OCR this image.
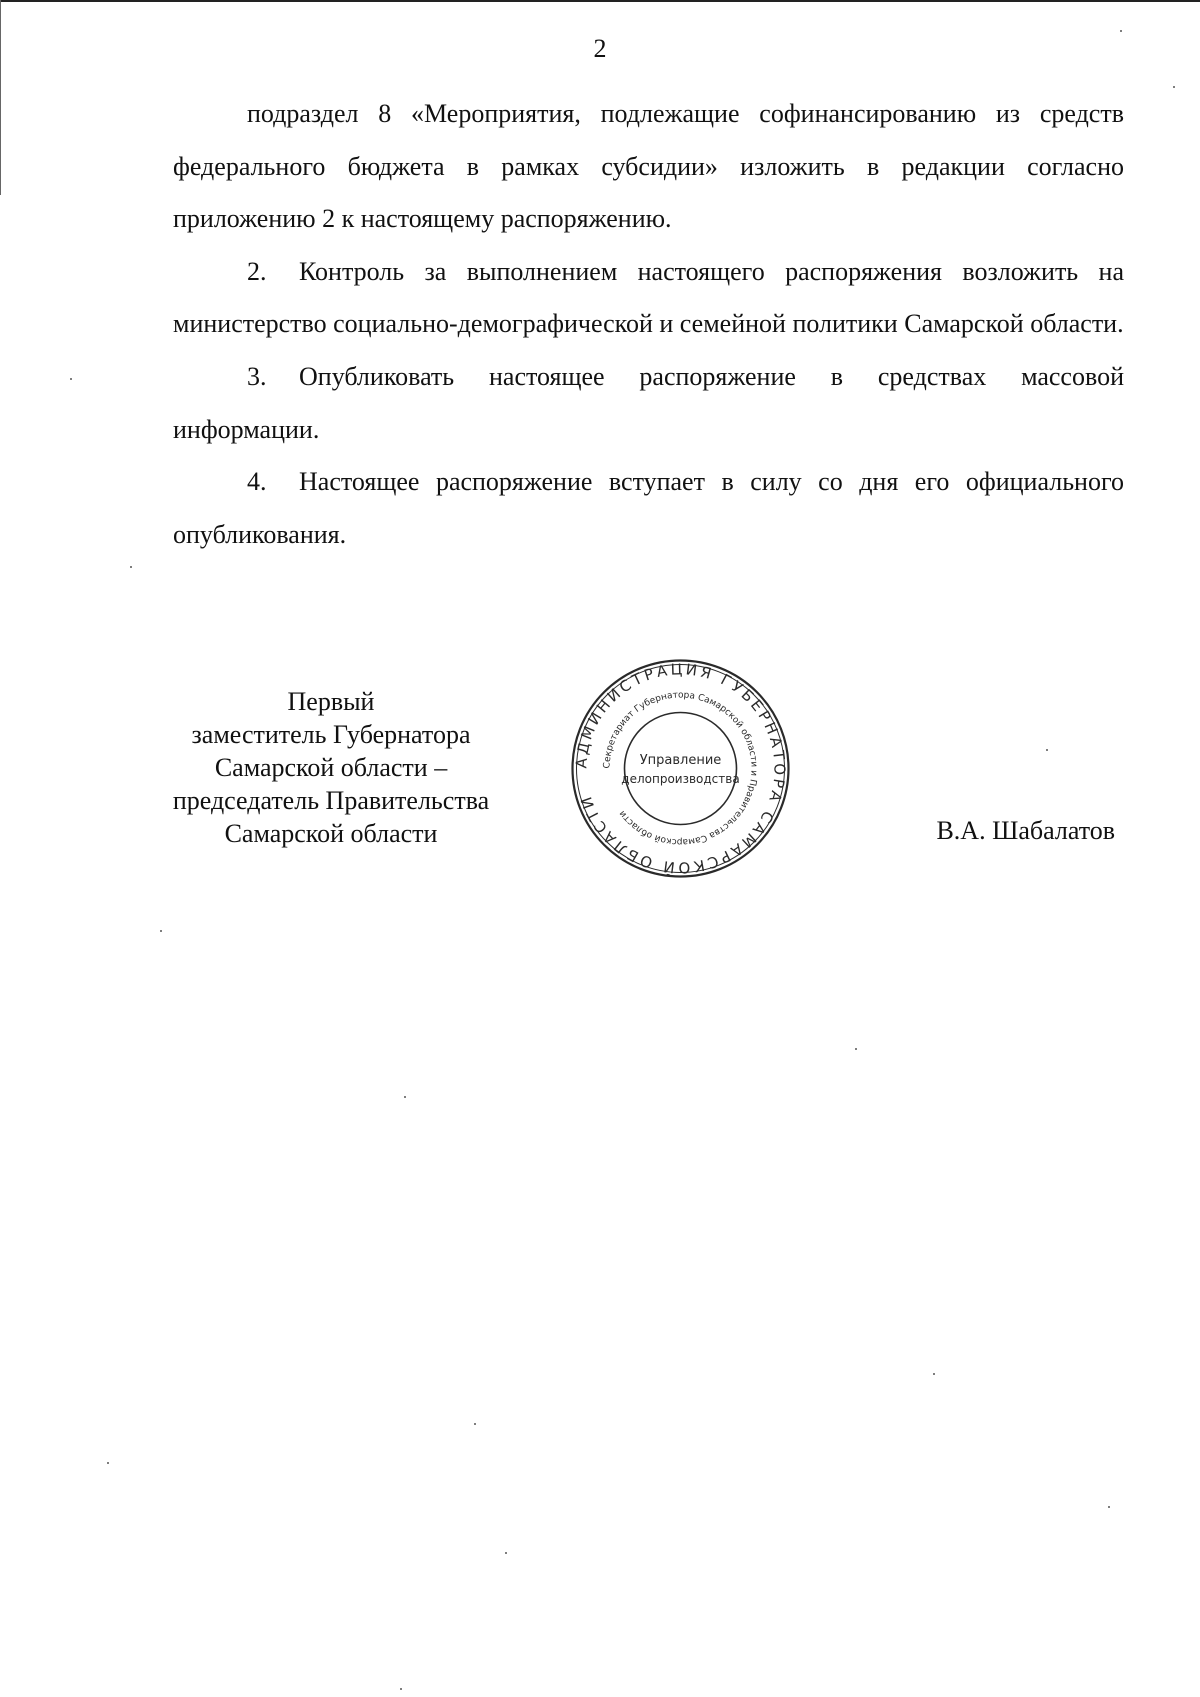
2

подраздел 8 «Мероприятия, подлежащие софинансированию из средств федерального бюджета в рамках субсидии» изложить в редакции согласно приложению 2 к настоящему распоряжению.

2. Контроль за выполнением настоящего распоряжения возложить на министерство социально-демографической и семейной политики Самарской области.

3. Опубликовать настоящее распоряжение в средствах массовой информации.

4. Настоящее распоряжение вступает в силу со дня его официального опубликования.

Первый
заместитель Губернатора
Самарской области –
председатель Правительства
Самарской области
АДМИНИСТРАЦИЯ ГУБЕРНАТОРА САМАРСКОЙ ОБЛАСТИ
Секретариат Губернатора Самарской области и Правительства Самарской области
Управление
делопроизводства
В.А. Шабалатов
